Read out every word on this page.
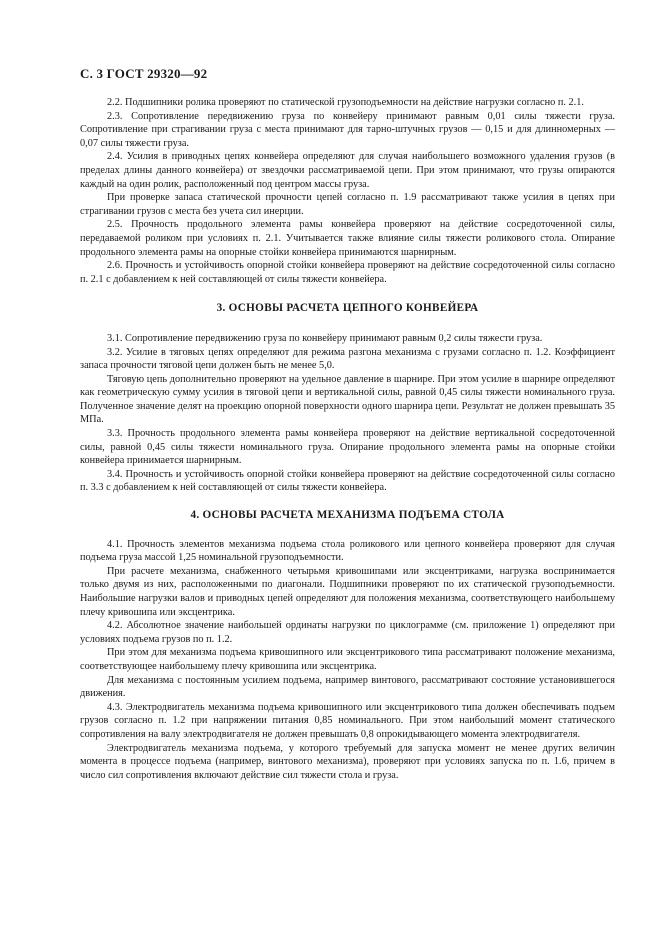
С. 3 ГОСТ 29320—92

2.2. Подшипники ролика проверяют по статической грузоподъемности на действие нагрузки согласно п. 2.1.

2.3. Сопротивление передвижению груза по конвейеру принимают равным 0,01 силы тяжести груза. Сопротивление при страгивании груза с места принимают для тарно-штучных грузов — 0,15 и для длинномерных — 0,07 силы тяжести груза.

2.4. Усилия в приводных цепях конвейера определяют для случая наибольшего возможного удаления грузов (в пределах длины данного конвейера) от звездочки рассматриваемой цепи. При этом принимают, что грузы опираются каждый на один ролик, расположенный под центром массы груза.

При проверке запаса статической прочности цепей согласно п. 1.9 рассматривают также усилия в цепях при страгивании грузов с места без учета сил инерции.

2.5. Прочность продольного элемента рамы конвейера проверяют на действие сосредоточенной силы, передаваемой роликом при условиях п. 2.1. Учитывается также влияние силы тяжести роликового стола. Опирание продольного элемента рамы на опорные стойки конвейера принимаются шарнирным.

2.6. Прочность и устойчивость опорной стойки конвейера проверяют на действие сосредоточенной силы согласно п. 2.1 с добавлением к ней составляющей от силы тяжести конвейера.

3. ОСНОВЫ РАСЧЕТА ЦЕПНОГО КОНВЕЙЕРА

3.1. Сопротивление передвижению груза по конвейеру принимают равным 0,2 силы тяжести груза.

3.2. Усилие в тяговых цепях определяют для режима разгона механизма с грузами согласно п. 1.2. Коэффициент запаса прочности тяговой цепи должен быть не менее 5,0.

Тяговую цепь дополнительно проверяют на удельное давление в шарнире. При этом усилие в шарнире определяют как геометрическую сумму усилия в тяговой цепи и вертикальной силы, равной 0,45 силы тяжести номинального груза. Полученное значение делят на проекцию опорной поверхности одного шарнира цепи. Результат не должен превышать 35 МПа.

3.3. Прочность продольного элемента рамы конвейера проверяют на действие вертикальной сосредоточенной силы, равной 0,45 силы тяжести номинального груза. Опирание продольного элемента рамы на опорные стойки конвейера принимается шарнирным.

3.4. Прочность и устойчивость опорной стойки конвейера проверяют на действие сосредоточенной силы согласно п. 3.3 с добавлением к ней составляющей от силы тяжести конвейера.

4. ОСНОВЫ РАСЧЕТА МЕХАНИЗМА ПОДЪЕМА СТОЛА

4.1. Прочность элементов механизма подъема стола роликового или цепного конвейера проверяют для случая подъема груза массой 1,25 номинальной грузоподъемности.

При расчете механизма, снабженного четырьмя кривошипами или эксцентриками, нагрузка воспринимается только двумя из них, расположенными по диагонали. Подшипники проверяют по их статической грузоподъемности. Наибольшие нагрузки валов и приводных цепей определяют для положения механизма, соответствующего наибольшему плечу кривошипа или эксцентрика.

4.2. Абсолютное значение наибольшей ординаты нагрузки по циклограмме (см. приложение 1) определяют при условиях подъема грузов по п. 1.2.

При этом для механизма подъема кривошипного или эксцентрикового типа рассматривают положение механизма, соответствующее наибольшему плечу кривошипа или эксцентрика.

Для механизма с постоянным усилием подъема, например винтового, рассматривают состояние установившегося движения.

4.3. Электродвигатель механизма подъема кривошипного или эксцентрикового типа должен обеспечивать подъем грузов согласно п. 1.2 при напряжении питания 0,85 номинального. При этом наибольший момент статического сопротивления на валу электродвигателя не должен превышать 0,8 опрокидывающего момента электродвигателя.

Электродвигатель механизма подъема, у которого требуемый для запуска момент не менее других величин момента в процессе подъема (например, винтового механизма), проверяют при условиях запуска по п. 1.6, причем в число сил сопротивления включают действие сил тяжести стола и груза.
